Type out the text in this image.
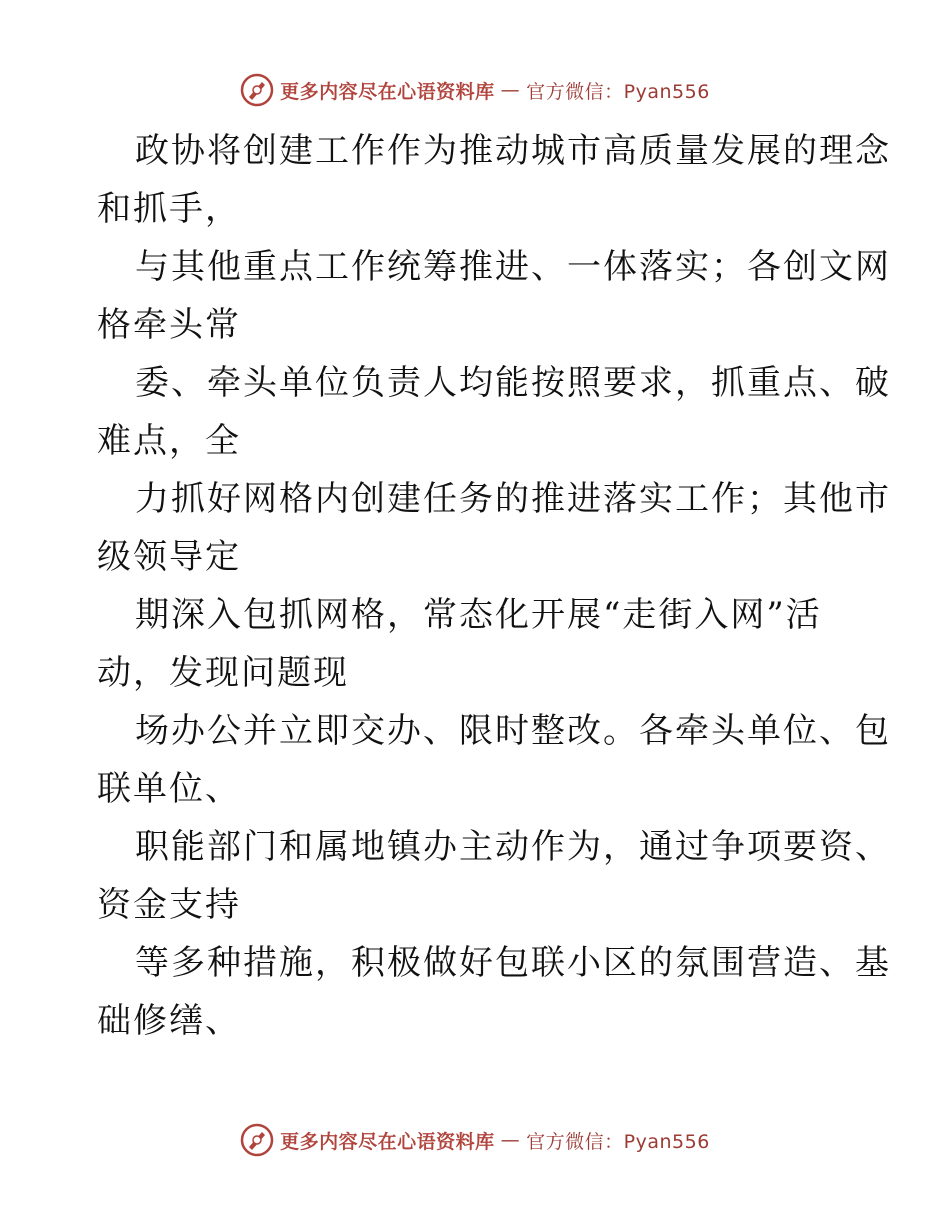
更多内容尽在心语资料库 — 官方微信：Pyan556

政协将创建工作作为推动城市高质量发展的理念

和抓手，

与其他重点工作统筹推进、一体落实；各创文网

格牵头常

委、牵头单位负责人均能按照要求，抓重点、破

难点，全

力抓好网格内创建任务的推进落实工作；其他市

级领导定

期深入包抓网格，常态化开展“走街入网”活

动，发现问题现

场办公并立即交办、限时整改。各牵头单位、包

联单位、

职能部门和属地镇办主动作为，通过争项要资、

资金支持

等多种措施，积极做好包联小区的氛围营造、基

础修缮、

更多内容尽在心语资料库 — 官方微信：Pyan556
